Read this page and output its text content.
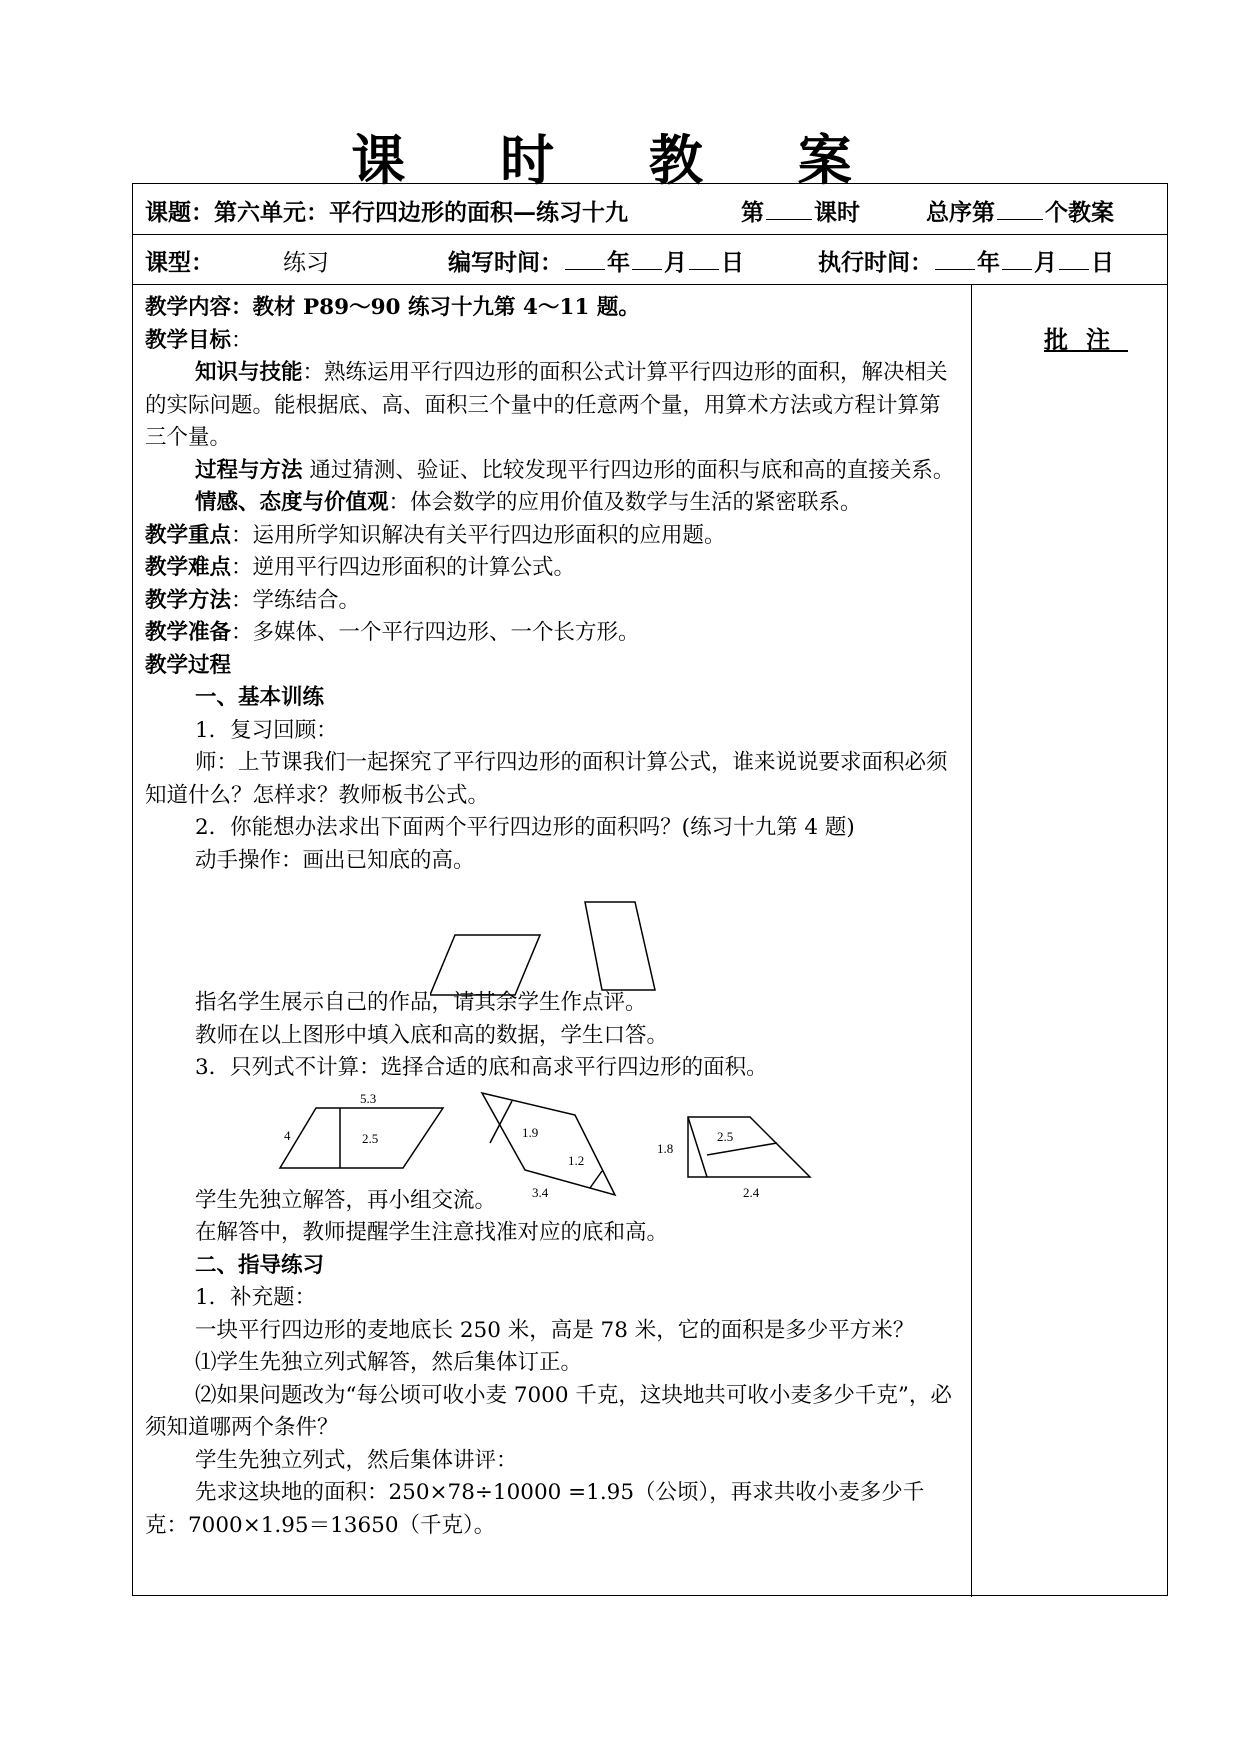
课 时 教 案
课题：第六单元：平行四边形的面积—练习十九	第 课时	总序第 个教案
课型：	练习	编写时间： 年 月 日	执行时间： 年 月 日
批注

教学内容：教材 P89～90 练习十九第 4～11 题。

教学目标：

知识与技能：熟练运用平行四边形的面积公式计算平行四边形的面积，解决相关的实际问题。能根据底、高、面积三个量中的任意两个量，用算术方法或方程计算第三个量。

过程与方法 通过猜测、验证、比较发现平行四边形的面积与底和高的直接关系。

情感、态度与价值观：体会数学的应用价值及数学与生活的紧密联系。

教学重点：运用所学知识解决有关平行四边形面积的应用题。

教学难点：逆用平行四边形面积的计算公式。

教学方法：学练结合。

教学准备：多媒体、一个平行四边形、一个长方形。

教学过程

一、基本训练

1．复习回顾：

师：上节课我们一起探究了平行四边形的面积计算公式，谁来说说要求面积必须知道什么？怎样求？教师板书公式。

2．你能想办法求出下面两个平行四边形的面积吗？(练习十九第 4 题)

动手操作：画出已知底的高。

指名学生展示自己的作品，请其余学生作点评。

教师在以上图形中填入底和高的数据，学生口答。

3．只列式不计算：选择合适的底和高求平行四边形的面积。

学生先独立解答，再小组交流。

在解答中，教师提醒学生注意找准对应的底和高。

二、指导练习

1．补充题：

一块平行四边形的麦地底长 250 米，高是 78 米，它的面积是多少平方米？

⑴学生先独立列式解答，然后集体订正。

⑵如果问题改为“每公顷可收小麦 7000 千克，这块地共可收小麦多少千克”，必须知道哪两个条件？

学生先独立列式，然后集体讲评：

先求这块地的面积：250×78÷10000 =1.95（公顷），再求共收小麦多少千克：7000×1.95＝13650（千克）。

5.3
4	2.5	1.9
1.2
3.4
1.8
2.5
2.4
